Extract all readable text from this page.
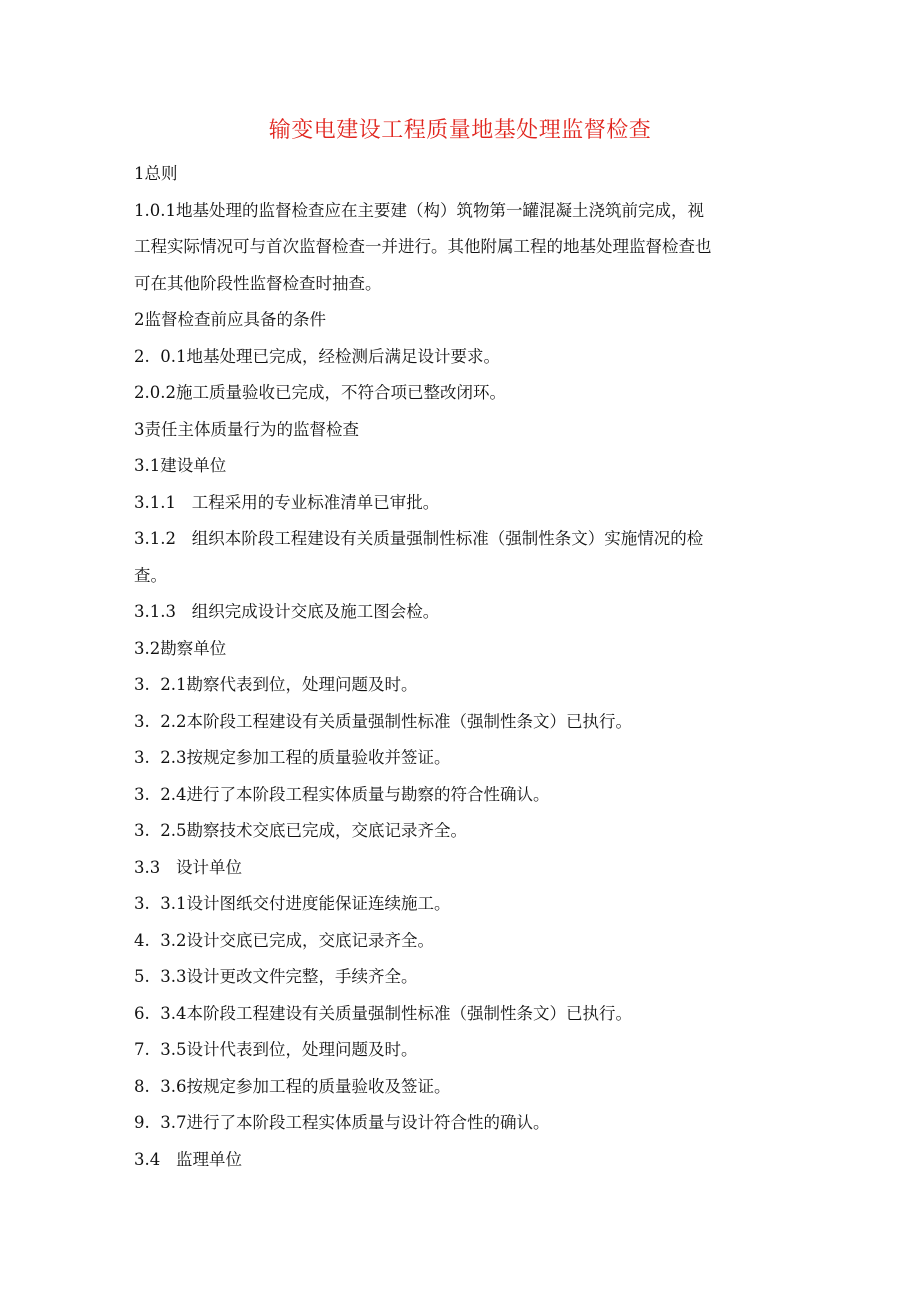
输变电建设工程质量地基处理监督检查
1总则
1.0.1地基处理的监督检查应在主要建（构）筑物第一罐混凝土浇筑前完成，视
工程实际情况可与首次监督检查一并进行。其他附属工程的地基处理监督检查也
可在其他阶段性监督检查时抽查。
2监督检查前应具备的条件
2.  0.1地基处理已完成，经检测后满足设计要求。
2.0.2施工质量验收已完成，不符合项已整改闭环。
3责任主体质量行为的监督检查
3.1建设单位
3.1.1   工程采用的专业标准清单已审批。
3.1.2   组织本阶段工程建设有关质量强制性标准（强制性条文）实施情况的检
查。
3.1.3   组织完成设计交底及施工图会检。
3.2勘察单位
3.  2.1勘察代表到位，处理问题及时。
3.  2.2本阶段工程建设有关质量强制性标准（强制性条文）已执行。
3.  2.3按规定参加工程的质量验收并签证。
3.  2.4进行了本阶段工程实体质量与勘察的符合性确认。
3.  2.5勘察技术交底已完成，交底记录齐全。
3.3   设计单位
3.  3.1设计图纸交付进度能保证连续施工。
4.  3.2设计交底已完成，交底记录齐全。
5.  3.3设计更改文件完整，手续齐全。
6.  3.4本阶段工程建设有关质量强制性标准（强制性条文）已执行。
7.  3.5设计代表到位，处理问题及时。
8.  3.6按规定参加工程的质量验收及签证。
9.  3.7进行了本阶段工程实体质量与设计符合性的确认。
3.4   监理单位
